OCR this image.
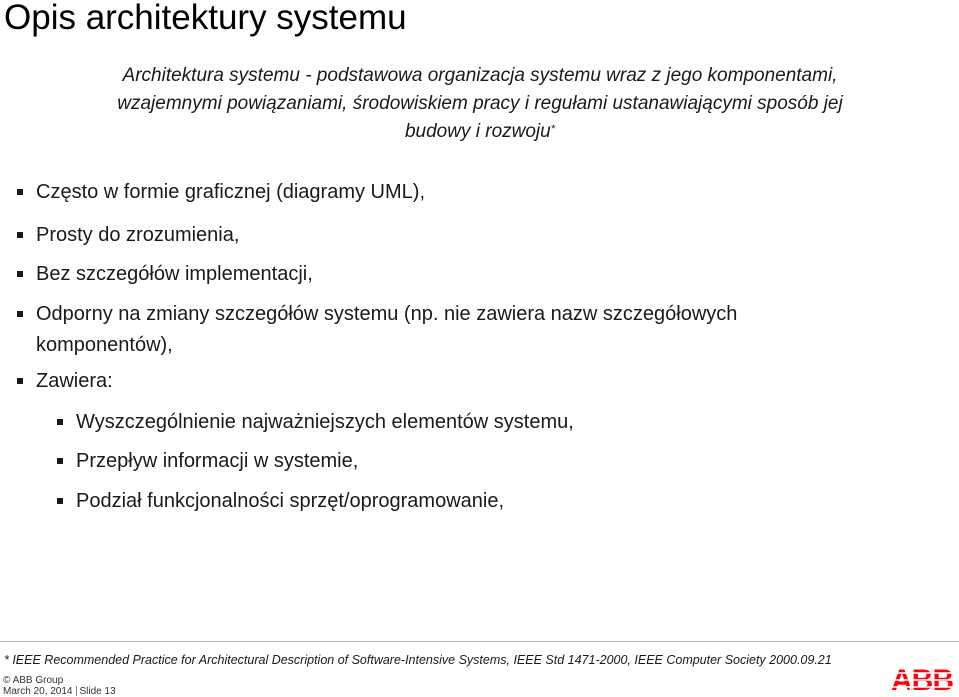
Opis architektury systemu
Architektura systemu - podstawowa organizacja systemu wraz z jego komponentami,
wzajemnymi powiązaniami, środowiskiem pracy i regułami ustanawiającymi sposób jej
budowy i rozwoju*
Często w formie graficznej (diagramy UML),
Prosty do zrozumienia,
Bez szczegółów implementacji,
Odporny na zmiany szczegółów systemu (np. nie zawiera nazw szczegółowych
komponentów),
Zawiera:
Wyszczególnienie najważniejszych elementów systemu,
Przepływ informacji w systemie,
Podział funkcjonalności sprzęt/oprogramowanie,
* IEEE Recommended Practice for Architectural Description of Software-Intensive Systems, IEEE Std 1471-2000, IEEE Computer Society 2000.09.21
© ABB Group
March 20, 2014 Slide 13	ABB
